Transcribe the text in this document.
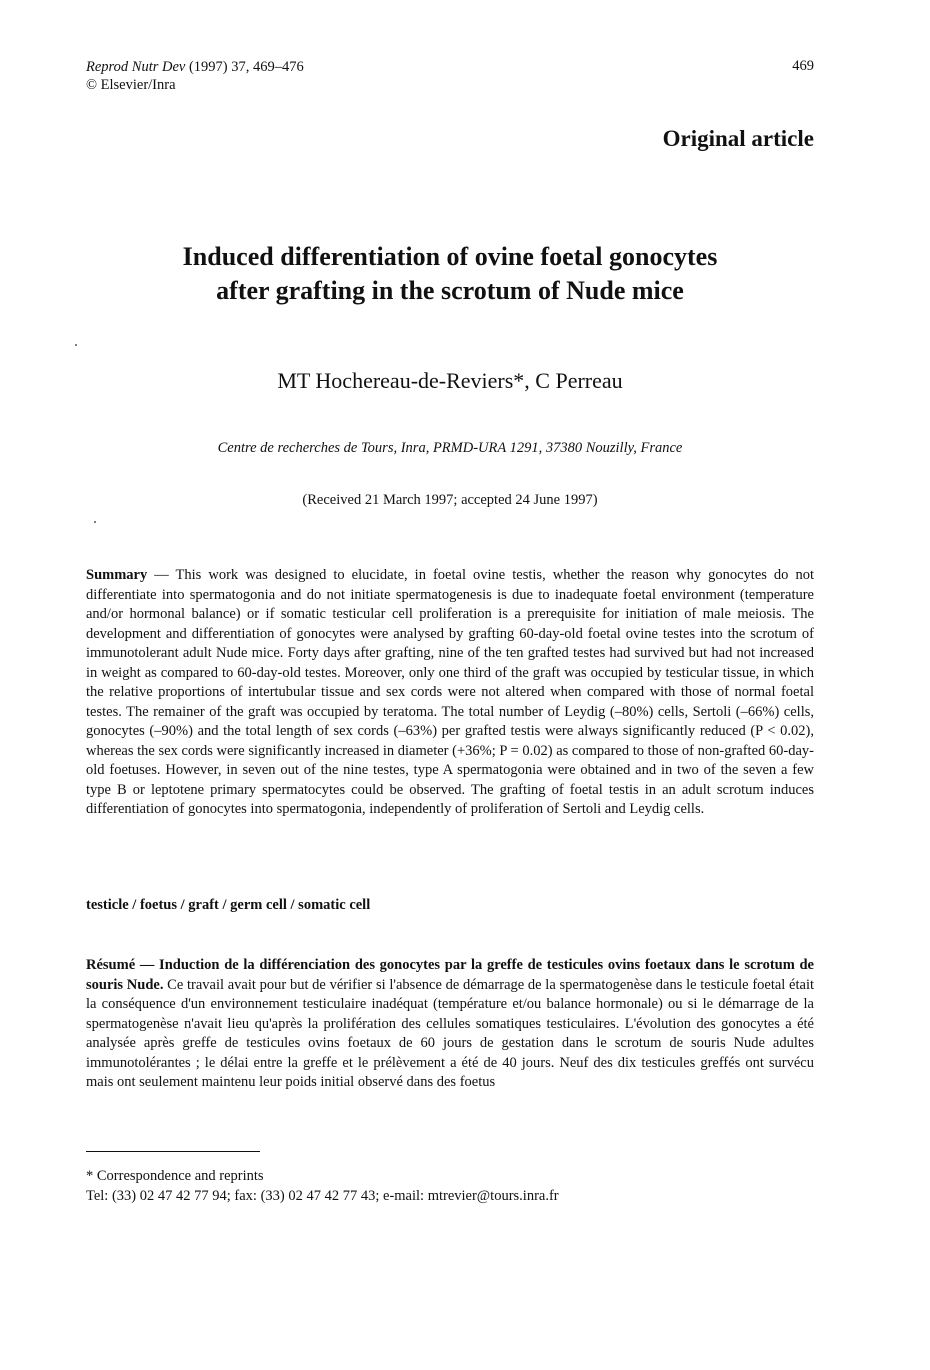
Reprod Nutr Dev (1997) 37, 469–476
© Elsevier/Inra
469
Original article
Induced differentiation of ovine foetal gonocytes
after grafting in the scrotum of Nude mice
MT Hochereau-de-Reviers*, C Perreau
Centre de recherches de Tours, Inra, PRMD-URA 1291, 37380 Nouzilly, France
(Received 21 March 1997; accepted 24 June 1997)
Summary — This work was designed to elucidate, in foetal ovine testis, whether the reason why gonocytes do not differentiate into spermatogonia and do not initiate spermatogenesis is due to inadequate foetal environment (temperature and/or hormonal balance) or if somatic testicular cell proliferation is a prerequisite for initiation of male meiosis. The development and differentiation of gonocytes were analysed by grafting 60-day-old foetal ovine testes into the scrotum of immunotolerant adult Nude mice. Forty days after grafting, nine of the ten grafted testes had survived but had not increased in weight as compared to 60-day-old testes. Moreover, only one third of the graft was occupied by testicular tissue, in which the relative proportions of intertubular tissue and sex cords were not altered when compared with those of normal foetal testes. The remainer of the graft was occupied by teratoma. The total number of Leydig (–80%) cells, Sertoli (–66%) cells, gonocytes (–90%) and the total length of sex cords (–63%) per grafted testis were always significantly reduced (P < 0.02), whereas the sex cords were significantly increased in diameter (+36%; P = 0.02) as compared to those of non-grafted 60-day-old foetuses. However, in seven out of the nine testes, type A spermatogonia were obtained and in two of the seven a few type B or leptotene primary spermatocytes could be observed. The grafting of foetal testis in an adult scrotum induces differentiation of gonocytes into spermatogonia, independently of proliferation of Sertoli and Leydig cells.
testicle / foetus / graft / germ cell / somatic cell
Résumé — Induction de la différenciation des gonocytes par la greffe de testicules ovins foetaux dans le scrotum de souris Nude. Ce travail avait pour but de vérifier si l'absence de démarrage de la spermatogenèse dans le testicule foetal était la conséquence d'un environnement testiculaire inadéquat (température et/ou balance hormonale) ou si le démarrage de la spermatogenèse n'avait lieu qu'après la prolifération des cellules somatiques testiculaires. L'évolution des gonocytes a été analysée après greffe de testicules ovins foetaux de 60 jours de gestation dans le scrotum de souris Nude adultes immunotolérantes ; le délai entre la greffe et le prélèvement a été de 40 jours. Neuf des dix testicules greffés ont survécu mais ont seulement maintenu leur poids initial observé dans des foetus
* Correspondence and reprints
Tel: (33) 02 47 42 77 94; fax: (33) 02 47 42 77 43; e-mail: mtrevier@tours.inra.fr
